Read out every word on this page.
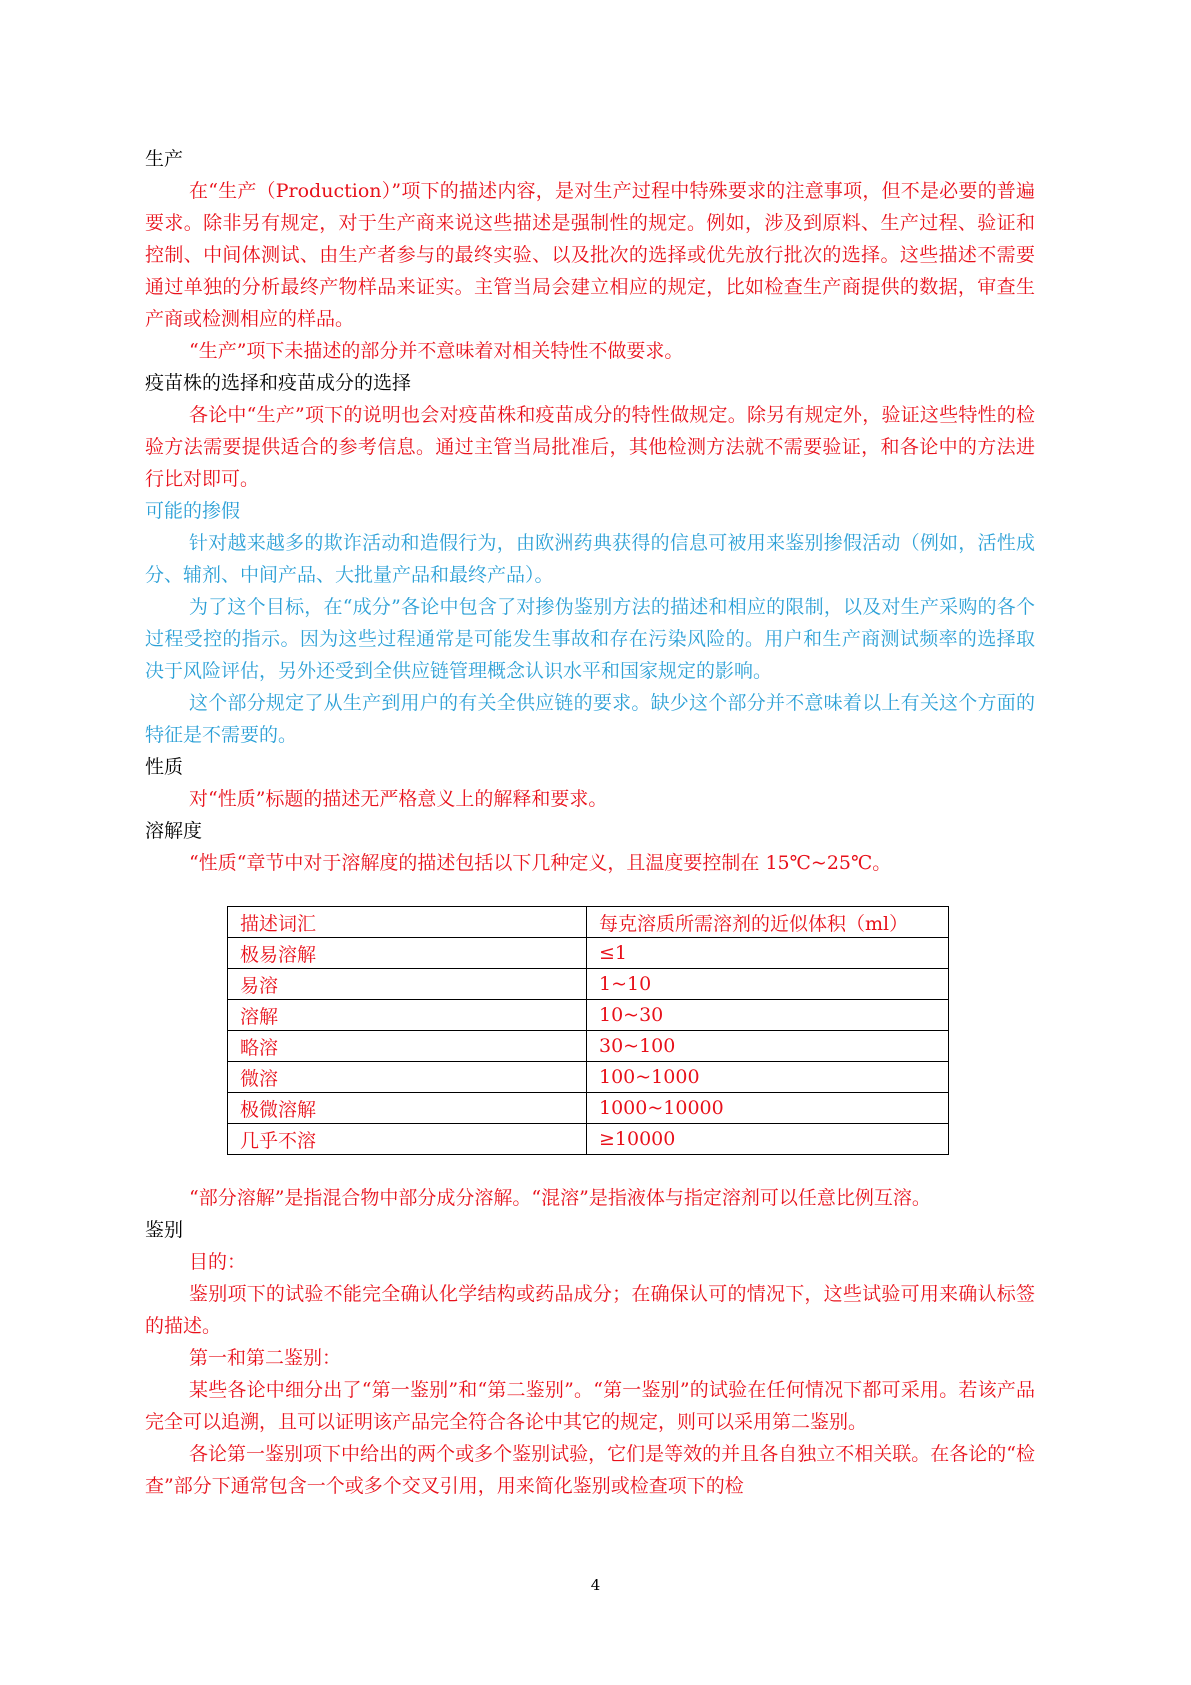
生产

在“生产（Production）”项下的描述内容，是对生产过程中特殊要求的注意事项，但不是必要的普遍要求。除非另有规定，对于生产商来说这些描述是强制性的规定。例如，涉及到原料、生产过程、验证和控制、中间体测试、由生产者参与的最终实验、以及批次的选择或优先放行批次的选择。这些描述不需要通过单独的分析最终产物样品来证实。主管当局会建立相应的规定，比如检查生产商提供的数据，审查生产商或检测相应的样品。

“生产”项下未描述的部分并不意味着对相关特性不做要求。

疫苗株的选择和疫苗成分的选择

各论中“生产”项下的说明也会对疫苗株和疫苗成分的特性做规定。除另有规定外，验证这些特性的检验方法需要提供适合的参考信息。通过主管当局批准后，其他检测方法就不需要验证，和各论中的方法进行比对即可。

可能的掺假

针对越来越多的欺诈活动和造假行为，由欧洲药典获得的信息可被用来鉴别掺假活动（例如，活性成分、辅剂、中间产品、大批量产品和最终产品）。

为了这个目标，在“成分”各论中包含了对掺伪鉴别方法的描述和相应的限制，以及对生产采购的各个过程受控的指示。因为这些过程通常是可能发生事故和存在污染风险的。用户和生产商测试频率的选择取决于风险评估，另外还受到全供应链管理概念认识水平和国家规定的影响。

这个部分规定了从生产到用户的有关全供应链的要求。缺少这个部分并不意味着以上有关这个方面的特征是不需要的。

性质

对“性质”标题的描述无严格意义上的解释和要求。

溶解度

“性质“章节中对于溶解度的描述包括以下几种定义，且温度要控制在 15℃~25℃。

描述词汇	每克溶质所需溶剂的近似体积（ml）
极易溶解	≤1
易溶	1~10
溶解	10~30
略溶	30~100
微溶	100~1000
极微溶解	1000~10000
几乎不溶	≥10000

“部分溶解”是指混合物中部分成分溶解。“混溶”是指液体与指定溶剂可以任意比例互溶。

鉴别

目的：

鉴别项下的试验不能完全确认化学结构或药品成分；在确保认可的情况下，这些试验可用来确认标签的描述。

第一和第二鉴别：

某些各论中细分出了“第一鉴别”和“第二鉴别”。“第一鉴别”的试验在任何情况下都可采用。若该产品完全可以追溯，且可以证明该产品完全符合各论中其它的规定，则可以采用第二鉴别。

各论第一鉴别项下中给出的两个或多个鉴别试验，它们是等效的并且各自独立不相关联。在各论的“检查”部分下通常包含一个或多个交叉引用，用来简化鉴别或检查项下的检

4
